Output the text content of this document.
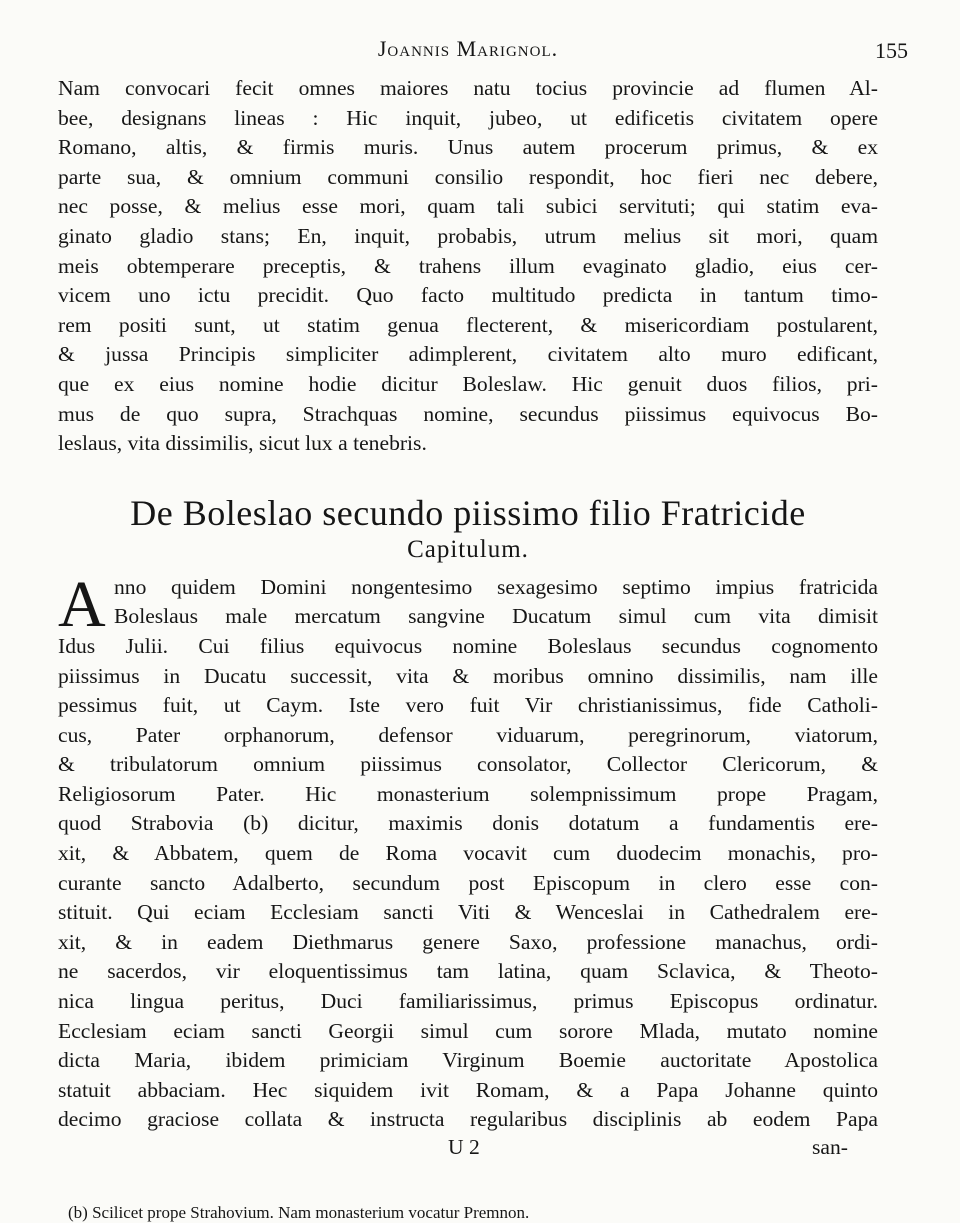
Joannis Marignol.	155
Nam convocari fecit omnes maiores natu tocius provincie ad flumen Al-
bee, designans lineas : Hic inquit, jubeo, ut edificetis civitatem opere
Romano, altis, & firmis muris. Unus autem procerum primus, & ex
parte sua, & omnium communi consilio respondit, hoc fieri nec debere,
nec posse, & melius esse mori, quam tali subici servituti; qui statim eva-
ginato gladio stans; En, inquit, probabis, utrum melius sit mori, quam
meis obtemperare preceptis, & trahens illum evaginato gladio, eius cer-
vicem uno ictu precidit. Quo facto multitudo predicta in tantum timo-
rem positi sunt, ut statim genua flecterent, & misericordiam postularent,
& jussa Principis simpliciter adimplerent, civitatem alto muro edificant,
que ex eius nomine hodie dicitur Boleslaw. Hic genuit duos filios, pri-
mus de quo supra, Strachquas nomine, secundus piissimus equivocus Bo-
leslaus, vita dissimilis, sicut lux a tenebris.
De Boleslao secundo piissimo filio Fratricide
Capitulum.
A nno quidem Domini nongentesimo sexagesimo septimo impius fratricida
Boleslaus male mercatum sangvine Ducatum simul cum vita dimisit
Idus Julii. Cui filius equivocus nomine Boleslaus secundus cognomento
piissimus in Ducatu successit, vita & moribus omnino dissimilis, nam ille
pessimus fuit, ut Caym. Iste vero fuit Vir christianissimus, fide Catholi-
cus, Pater orphanorum, defensor viduarum, peregrinorum, viatorum,
& tribulatorum omnium piissimus consolator, Collector Clericorum, &
Religiosorum Pater. Hic monasterium solempnissimum prope Pragam,
quod Strabovia (b) dicitur, maximis donis dotatum a fundamentis ere-
xit, & Abbatem, quem de Roma vocavit cum duodecim monachis, pro-
curante sancto Adalberto, secundum post Episcopum in clero esse con-
stituit. Qui eciam Ecclesiam sancti Viti & Wenceslai in Cathedralem ere-
xit, & in eadem Diethmarus genere Saxo, professione manachus, ordi-
ne sacerdos, vir eloquentissimus tam latina, quam Sclavica, & Theoto-
nica lingua peritus, Duci familiarissimus, primus Episcopus ordinatur.
Ecclesiam eciam sancti Georgii simul cum sorore Mlada, mutato nomine
dicta Maria, ibidem primiciam Virginum Boemie auctoritate Apostolica
statuit abbaciam. Hec siquidem ivit Romam, & a Papa Johanne quinto
decimo graciose collata & instructa regularibus disciplinis ab eodem Papa
U 2	san-
(b) Scilicet prope Strahovium. Nam monasterium vocatur Premnon.
